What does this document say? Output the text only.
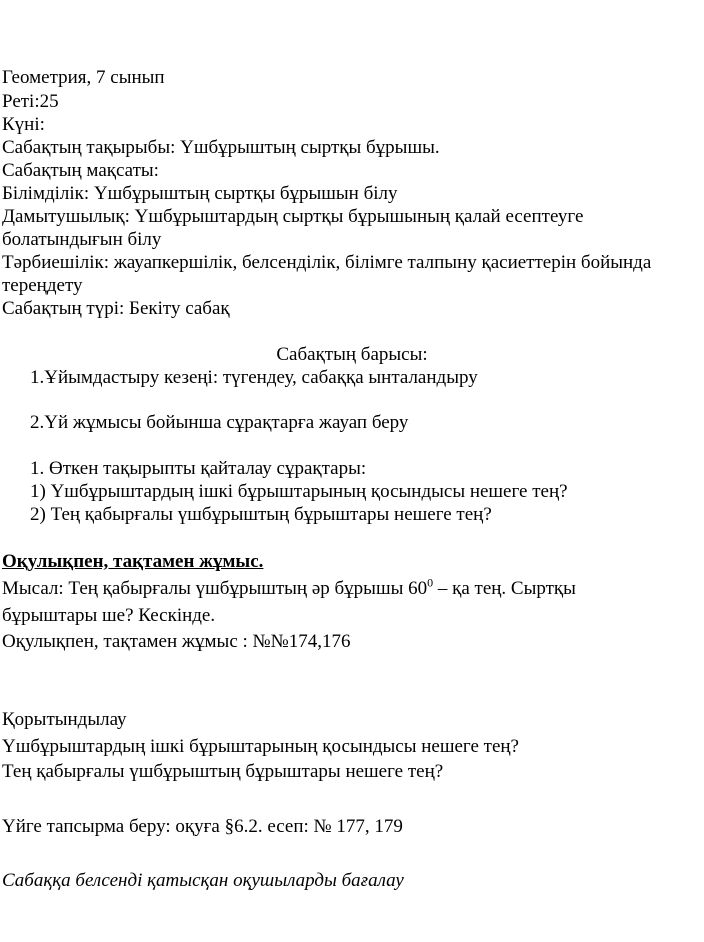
Геометрия, 7 сынып
Реті:25
Күні:
Сабақтың тақырыбы: Үшбұрыштың сыртқы бұрышы.
Сабақтың мақсаты:
Білімділік: Үшбұрыштың сыртқы бұрышын білу
Дамытушылық: Үшбұрыштардың сыртқы бұрышының қалай есептеуге
болатындығын білу
Тәрбиешілік: жауапкершілік, белсенділік, білімге талпыну қасиеттерін бойында
тереңдету
Сабақтың түрі: Бекіту сабақ
Сабақтың барысы:
1.Ұйымдастыру кезеңі: түгендеу, сабаққа ынталандыру
2.Үй жұмысы бойынша сұрақтарға жауап беру
1. Өткен тақырыпты қайталау сұрақтары:
1) Үшбұрыштардың ішкі бұрыштарының қосындысы нешеге тең?
2) Тең қабырғалы үшбұрыштың бұрыштары нешеге тең?
Оқулықпен, тақтамен жұмыс.
Мысал: Тең қабырғалы үшбұрыштың әр бұрышы $60^0$ – қа тең. Сыртқы
бұрыштары ше? Кескінде.
Оқулықпен, тақтамен жұмыс : №№174,176
Қорытындылау
Үшбұрыштардың ішкі бұрыштарының қосындысы нешеге тең?
Тең қабырғалы үшбұрыштың бұрыштары нешеге тең?
Үйге тапсырма беру: оқуға §6.2. есеп: № 177, 179
Сабаққа белсенді қатысқан оқушыларды бағалау
